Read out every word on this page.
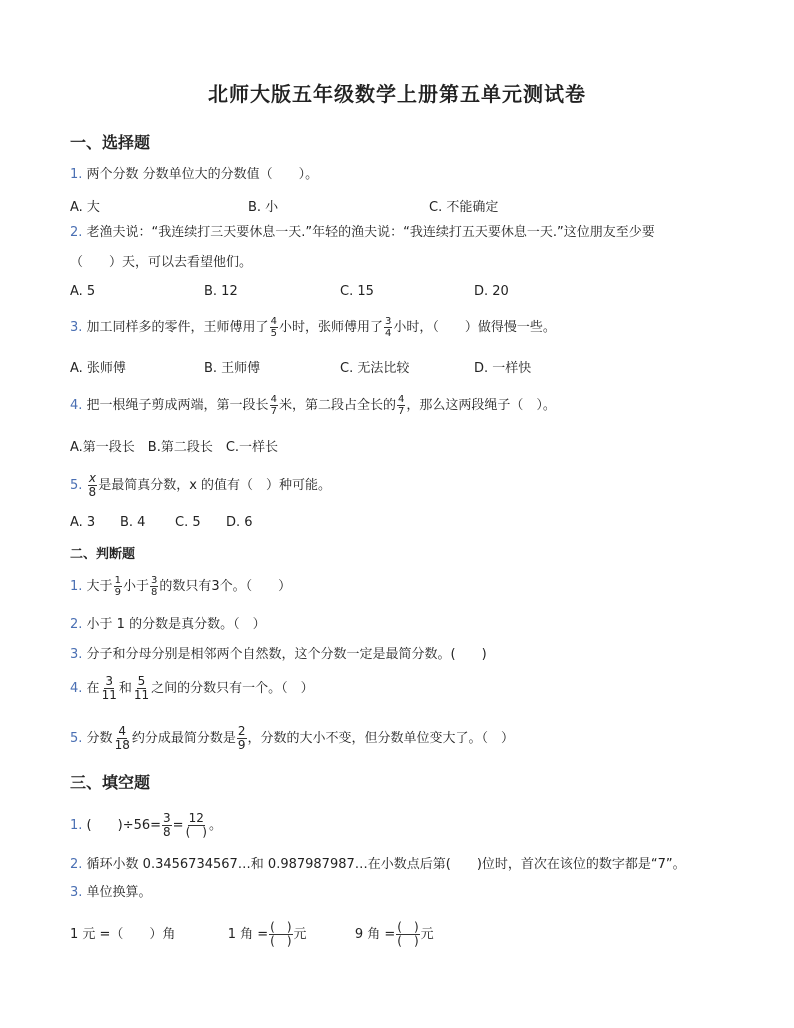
北师大版五年级数学上册第五单元测试卷
一、选择题
1. 两个分数 分数单位大的分数值（　　）。
A. 大	B. 小	C. 不能确定
2. 老渔夫说：“我连续打三天要休息一天.”年轻的渔夫说：“我连续打五天要休息一天.”这位朋友至少要
（　　）天，可以去看望他们。
A. 5	B. 12	C. 15	D. 20
3. 加工同样多的零件，王师傅用了 $\frac{4}{5}$ 小时，张师傅用了 $\frac{3}{4}$ 小时，（　　）做得慢一些。
A. 张师傅	B. 王师傅	C. 无法比较	D. 一样快
4. 把一根绳子剪成两端，第一段长 $\frac{4}{7}$ 米，第二段占全长的 $\frac{4}{7}$ ，那么这两段绳子（　）。
A.第一段长　B.第二段长　C.一样长
5. $\frac{x}{8}$ 是最简真分数，x 的值有（　）种可能。
A. 3 B. 4 C. 5 D. 6
二、判断题
1. 大于 $\frac{1}{9}$ 小于 $\frac{3}{8}$ 的数只有3个。（　　）
2. 小于 1 的分数是真分数。（　）
3. 分子和分母分别是相邻两个自然数，这个分数一定是最简分数。(　　)
4. 在 $\frac{3}{11}$ 和 $\frac{5}{11}$ 之间的分数只有一个。（　）
5. 分数 $\frac{4}{18}$ 约分成最简分数是 $\frac{2}{9}$ ，分数的大小不变，但分数单位变大了。（　）
三、填空题
1. (　　)$\div 56= \frac{3}{8} = \frac{12}{( )}$ 。
2. 循环小数 0.3456734567…和 0.987987987…在小数点后第(　　)位时，首次在该位的数字都是“7”。
3. 单位换算。
1 元 =（　　）角	1 角 = $\frac{( )}{( )}$ 元	9 角 = $\frac{( )}{( )}$ 元
